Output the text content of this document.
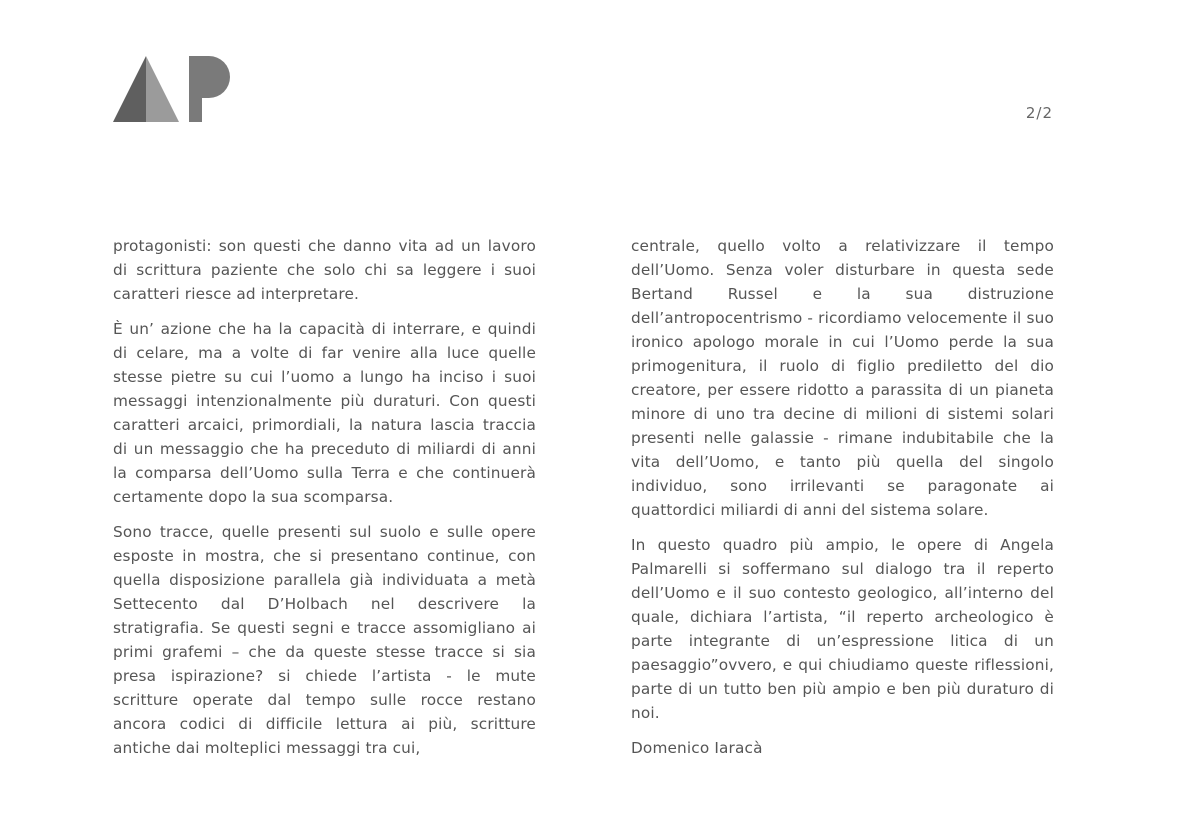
2/2

protagonisti: son questi che danno vita ad un lavoro di scrittura paziente che solo chi sa leggere i suoi caratteri riesce ad interpretare.

È un’ azione che ha la capacità di interrare, e quindi di celare, ma a volte di far venire alla luce quelle stesse pietre su cui l’uomo a lungo ha inciso i suoi messaggi intenzionalmente più duraturi. Con questi caratteri arcaici, primordiali, la natura lascia traccia di un messaggio che ha preceduto di miliardi di anni la comparsa dell’Uomo sulla Terra e che continuerà certamente dopo la sua scomparsa.

Sono tracce, quelle presenti sul suolo e sulle opere esposte in mostra, che si presentano continue, con quella disposizione parallela già individuata a metà Settecento dal D’Holbach nel descrivere la stratigrafia. Se questi segni e tracce assomigliano ai primi grafemi – che da queste stesse tracce si sia presa ispirazione? si chiede l’artista - le mute scritture operate dal tempo sulle rocce restano ancora codici di difficile lettura ai più, scritture antiche dai molteplici messaggi tra cui,

centrale, quello volto a relativizzare il tempo dell’Uomo. Senza voler disturbare in questa sede Bertand Russel e la sua distruzione dell’antropocentrismo - ricordiamo velocemente il suo ironico apologo morale in cui l’Uomo perde la sua primogenitura, il ruolo di figlio prediletto del dio creatore, per essere ridotto a parassita di un pianeta minore di uno tra decine di milioni di sistemi solari presenti nelle galassie - rimane indubitabile che la vita dell’Uomo, e tanto più quella del singolo individuo, sono irrilevanti se paragonate ai quattordici miliardi di anni del sistema solare.

In questo quadro più ampio, le opere di Angela Palmarelli si soffermano sul dialogo tra il reperto dell’Uomo e il suo contesto geologico, all’interno del quale, dichiara l’artista, “il reperto archeologico è parte integrante di un’espressione litica di un paesaggio”ovvero, e qui chiudiamo queste riflessioni, parte di un tutto ben più ampio e ben più duraturo di noi.

Domenico Iaracà
